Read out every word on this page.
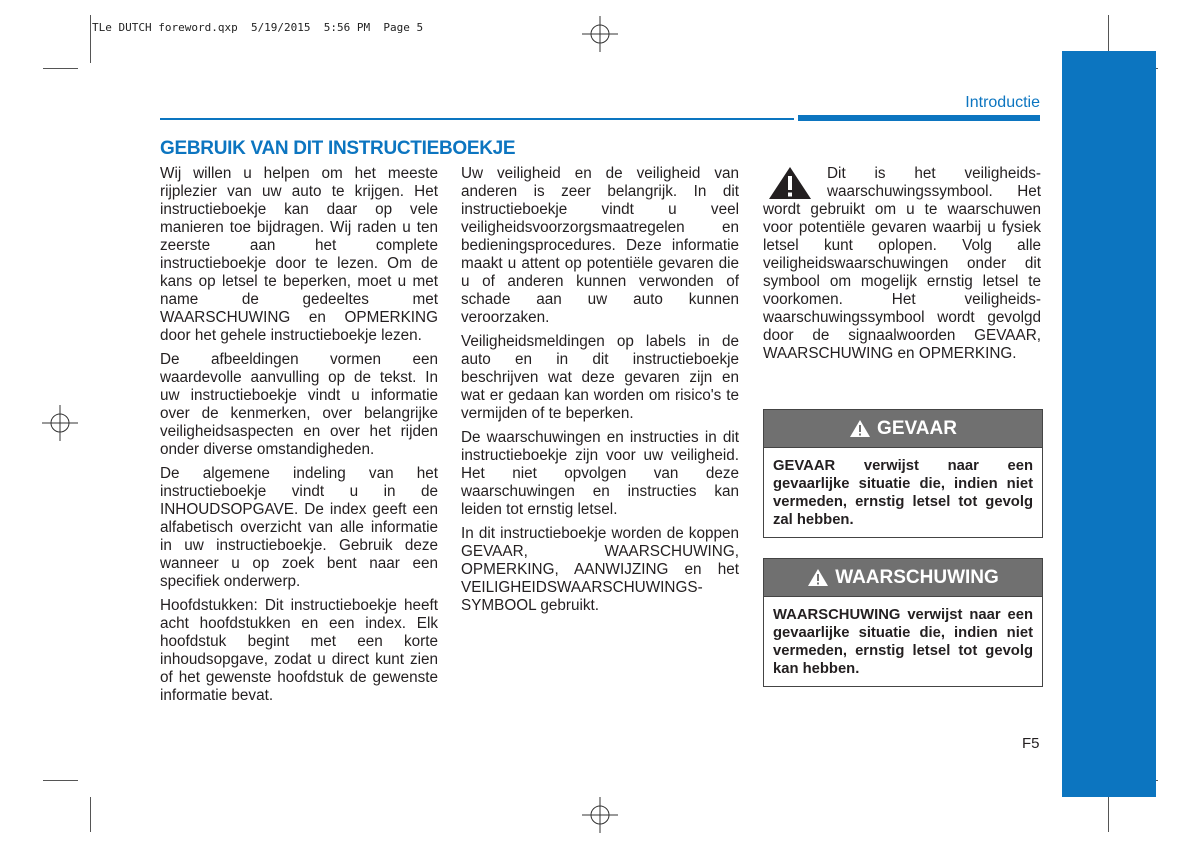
TLe DUTCH foreword.qxp  5/19/2015  5:56 PM  Page 5
Introductie
GEBRUIK VAN DIT INSTRUCTIEBOEKJE

Wij willen u helpen om het meeste rijplezier van uw auto te krijgen. Het instructieboekje kan daar op vele manieren toe bijdragen. Wij raden u ten zeerste aan het complete instructieboekje door te lezen. Om de kans op letsel te beperken, moet u met name de gedeeltes met WAARSCHUWING en OPMERKING door het gehele instructieboekje lezen.

De afbeeldingen vormen een waardevolle aanvulling op de tekst. In uw instructieboekje vindt u informatie over de kenmerken, over belangrijke veiligheidsaspecten en over het rijden onder diverse omstandigheden.

De algemene indeling van het instructieboekje vindt u in de INHOUDSOPGAVE. De index geeft een alfabetisch overzicht van alle informatie in uw instructieboekje. Gebruik deze wanneer u op zoek bent naar een specifiek onderwerp.

Hoofdstukken: Dit instructieboekje heeft acht hoofdstukken en een index. Elk hoofdstuk begint met een korte inhoudsopgave, zodat u direct kunt zien of het gewenste hoofdstuk de gewenste informatie bevat.

Uw veiligheid en de veiligheid van anderen is zeer belangrijk. In dit instructieboekje vindt u veel veiligheidsvoorzorgsmaatregelen en bedieningsprocedures. Deze informatie maakt u attent op potentiële gevaren die u of anderen kunnen verwonden of schade aan uw auto kunnen veroorzaken.

Veiligheidsmeldingen op labels in de auto en in dit instructieboekje beschrijven wat deze gevaren zijn en wat er gedaan kan worden om risico's te vermijden of te beperken.

De waarschuwingen en instructies in dit instructieboekje zijn voor uw veiligheid. Het niet opvolgen van deze waarschuwingen en instructies kan leiden tot ernstig letsel.

In dit instructieboekje worden de koppen GEVAAR, WAARSCHUWING, OPMERKING, AANWIJZING en het VEILIGHEIDSWAARSCHUWINGS-SYMBOOL gebruikt.

Dit is het veiligheids-waarschuwingssymbool. Het wordt gebruikt om u te waarschuwen voor potentiële gevaren waarbij u fysiek letsel kunt oplopen. Volg alle veiligheidswaarschuwingen onder dit symbool om mogelijk ernstig letsel te voorkomen. Het veiligheids-waarschuwingssymbool wordt gevolgd door de signaalwoorden GEVAAR, WAARSCHUWING en OPMERKING.

GEVAAR
GEVAAR verwijst naar een gevaarlijke situatie die, indien niet vermeden, ernstig letsel tot gevolg zal hebben.
WAARSCHUWING
WAARSCHUWING verwijst naar een gevaarlijke situatie die, indien niet vermeden, ernstig letsel tot gevolg kan hebben.
F5
